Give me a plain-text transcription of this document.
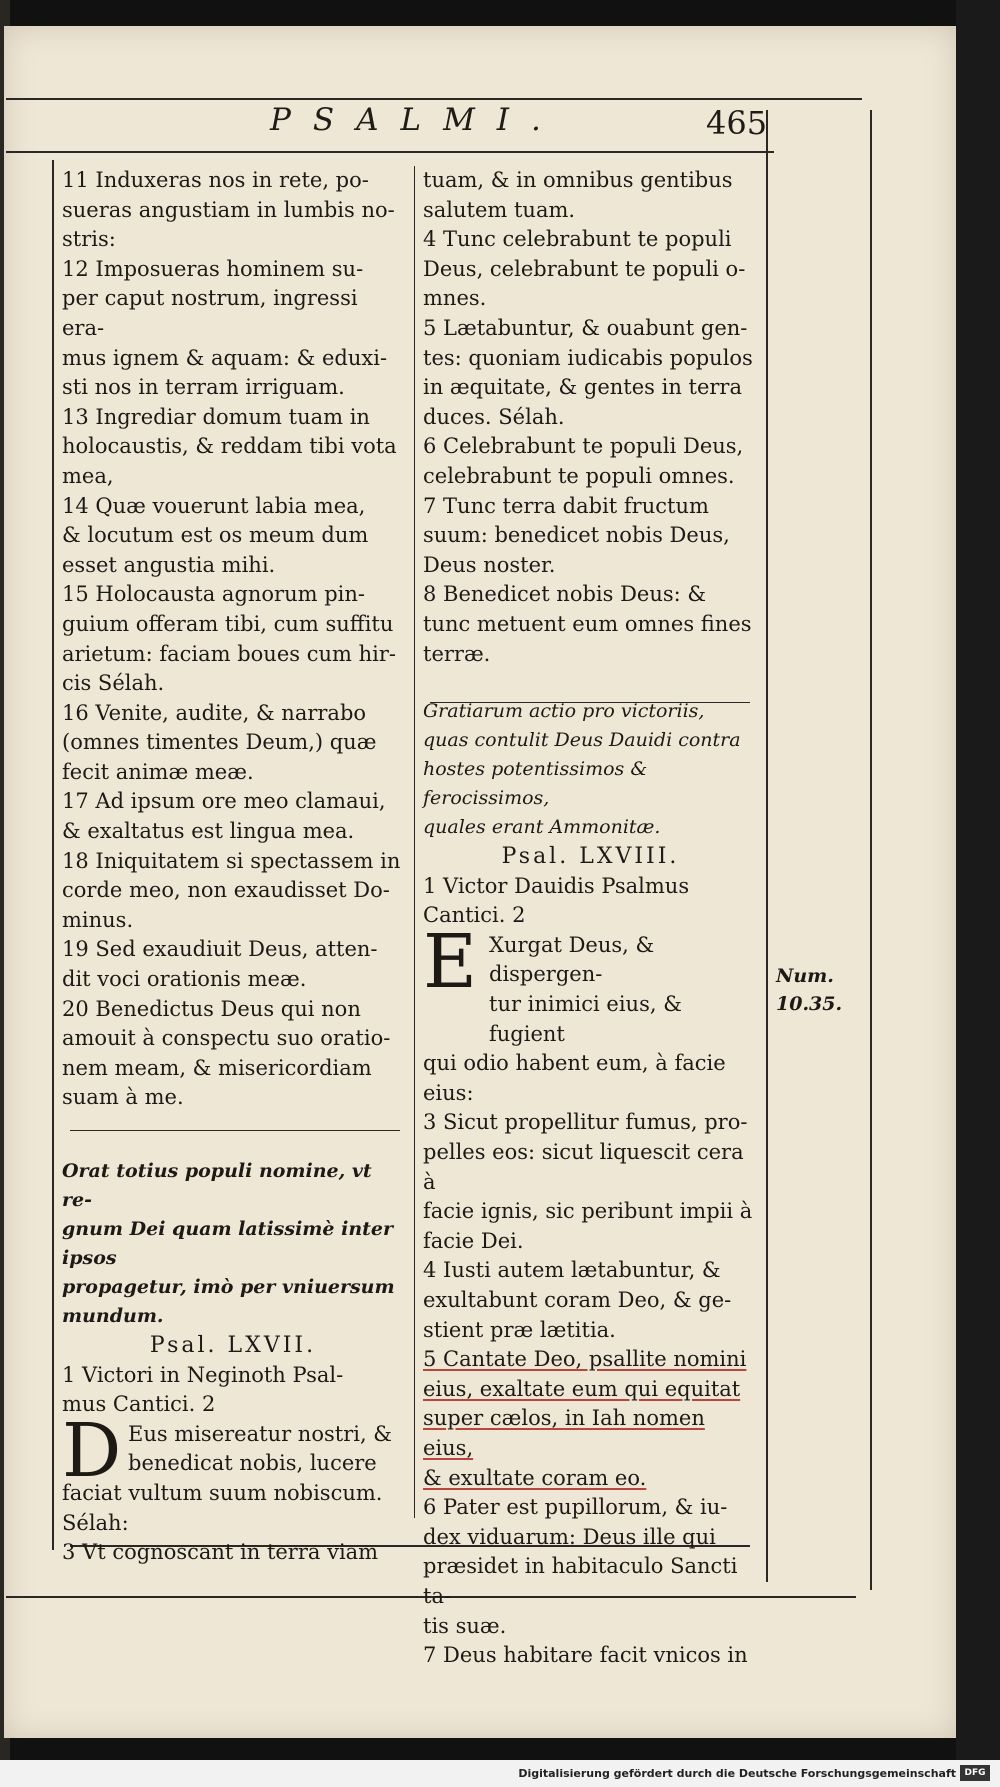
PSALMI.	465

11 Induxeras nos in rete, po-

sueras angustiam in lumbis no-

stris:

12 Imposueras hominem su-

per caput nostrum, ingressi era-

mus ignem & aquam: & eduxi-

sti nos in terram irriguam.

13 Ingrediar domum tuam in

holocaustis, & reddam tibi vota

mea,

14 Quæ vouerunt labia mea,

& locutum est os meum dum

esset angustia mihi.

15 Holocausta agnorum pin-

guium offeram tibi, cum suffitu

arietum: faciam boues cum hir-

cis Sélah.

16 Venite, audite, & narrabo

(omnes timentes Deum,) quæ

fecit animæ meæ.

17 Ad ipsum ore meo clamaui,

& exaltatus est lingua mea.

18 Iniquitatem si spectassem in

corde meo, non exaudisset Do-

minus.

19 Sed exaudiuit Deus, atten-

dit voci orationis meæ.

20 Benedictus Deus qui non

amouit à conspectu suo oratio-

nem meam, & misericordiam

suam à me.

Orat totius populi nomine, vt re-

gnum Dei quam latissimè inter ipsos

propagetur, imò per vniuersum

mundum.

Psal. LXVII.

1 Victori in Neginoth Psal-

mus Cantici. 2

D Eus misereatur nostri, &

benedicat nobis, lucere

faciat vultum suum nobiscum.

Sélah:

3 Vt cognoscant in terra viam

tuam, & in omnibus gentibus

salutem tuam.

4 Tunc celebrabunt te populi

Deus, celebrabunt te populi o-

mnes.

5 Lætabuntur, & ouabunt gen-

tes: quoniam iudicabis populos

in æquitate, & gentes in terra

duces. Sélah.

6 Celebrabunt te populi Deus,

celebrabunt te populi omnes.

7 Tunc terra dabit fructum

suum: benedicet nobis Deus,

Deus noster.

8 Benedicet nobis Deus: &

tunc metuent eum omnes fines

terræ.

Gratiarum actio pro victoriis,

quas contulit Deus Dauidi contra

hostes potentissimos & ferocissimos,

quales erant Ammonitæ.

Psal. LXVIII.

1 Victor Dauidis Psalmus

Cantici. 2

E Xurgat Deus, & dispergen-

tur inimici eius, & fugient

qui odio habent eum, à facie

eius:

3 Sicut propellitur fumus, pro-

pelles eos: sicut liquescit cera à

facie ignis, sic peribunt impii à

facie Dei.

4 Iusti autem lætabuntur, &

exultabunt coram Deo, & ge-

stient præ lætitia.

5 Cantate Deo, psallite nomini

eius, exaltate eum qui equitat

super cælos, in Iah nomen eius,

& exultate coram eo.

6 Pater est pupillorum, & iu-

dex viduarum: Deus ille qui

præsidet in habitaculo Sancti ta-

tis suæ.

7 Deus habitare facit vnicos in

Num.
10.35.
Digitalisierung gefördert durch die Deutsche Forschungsgemeinschaft DFG
